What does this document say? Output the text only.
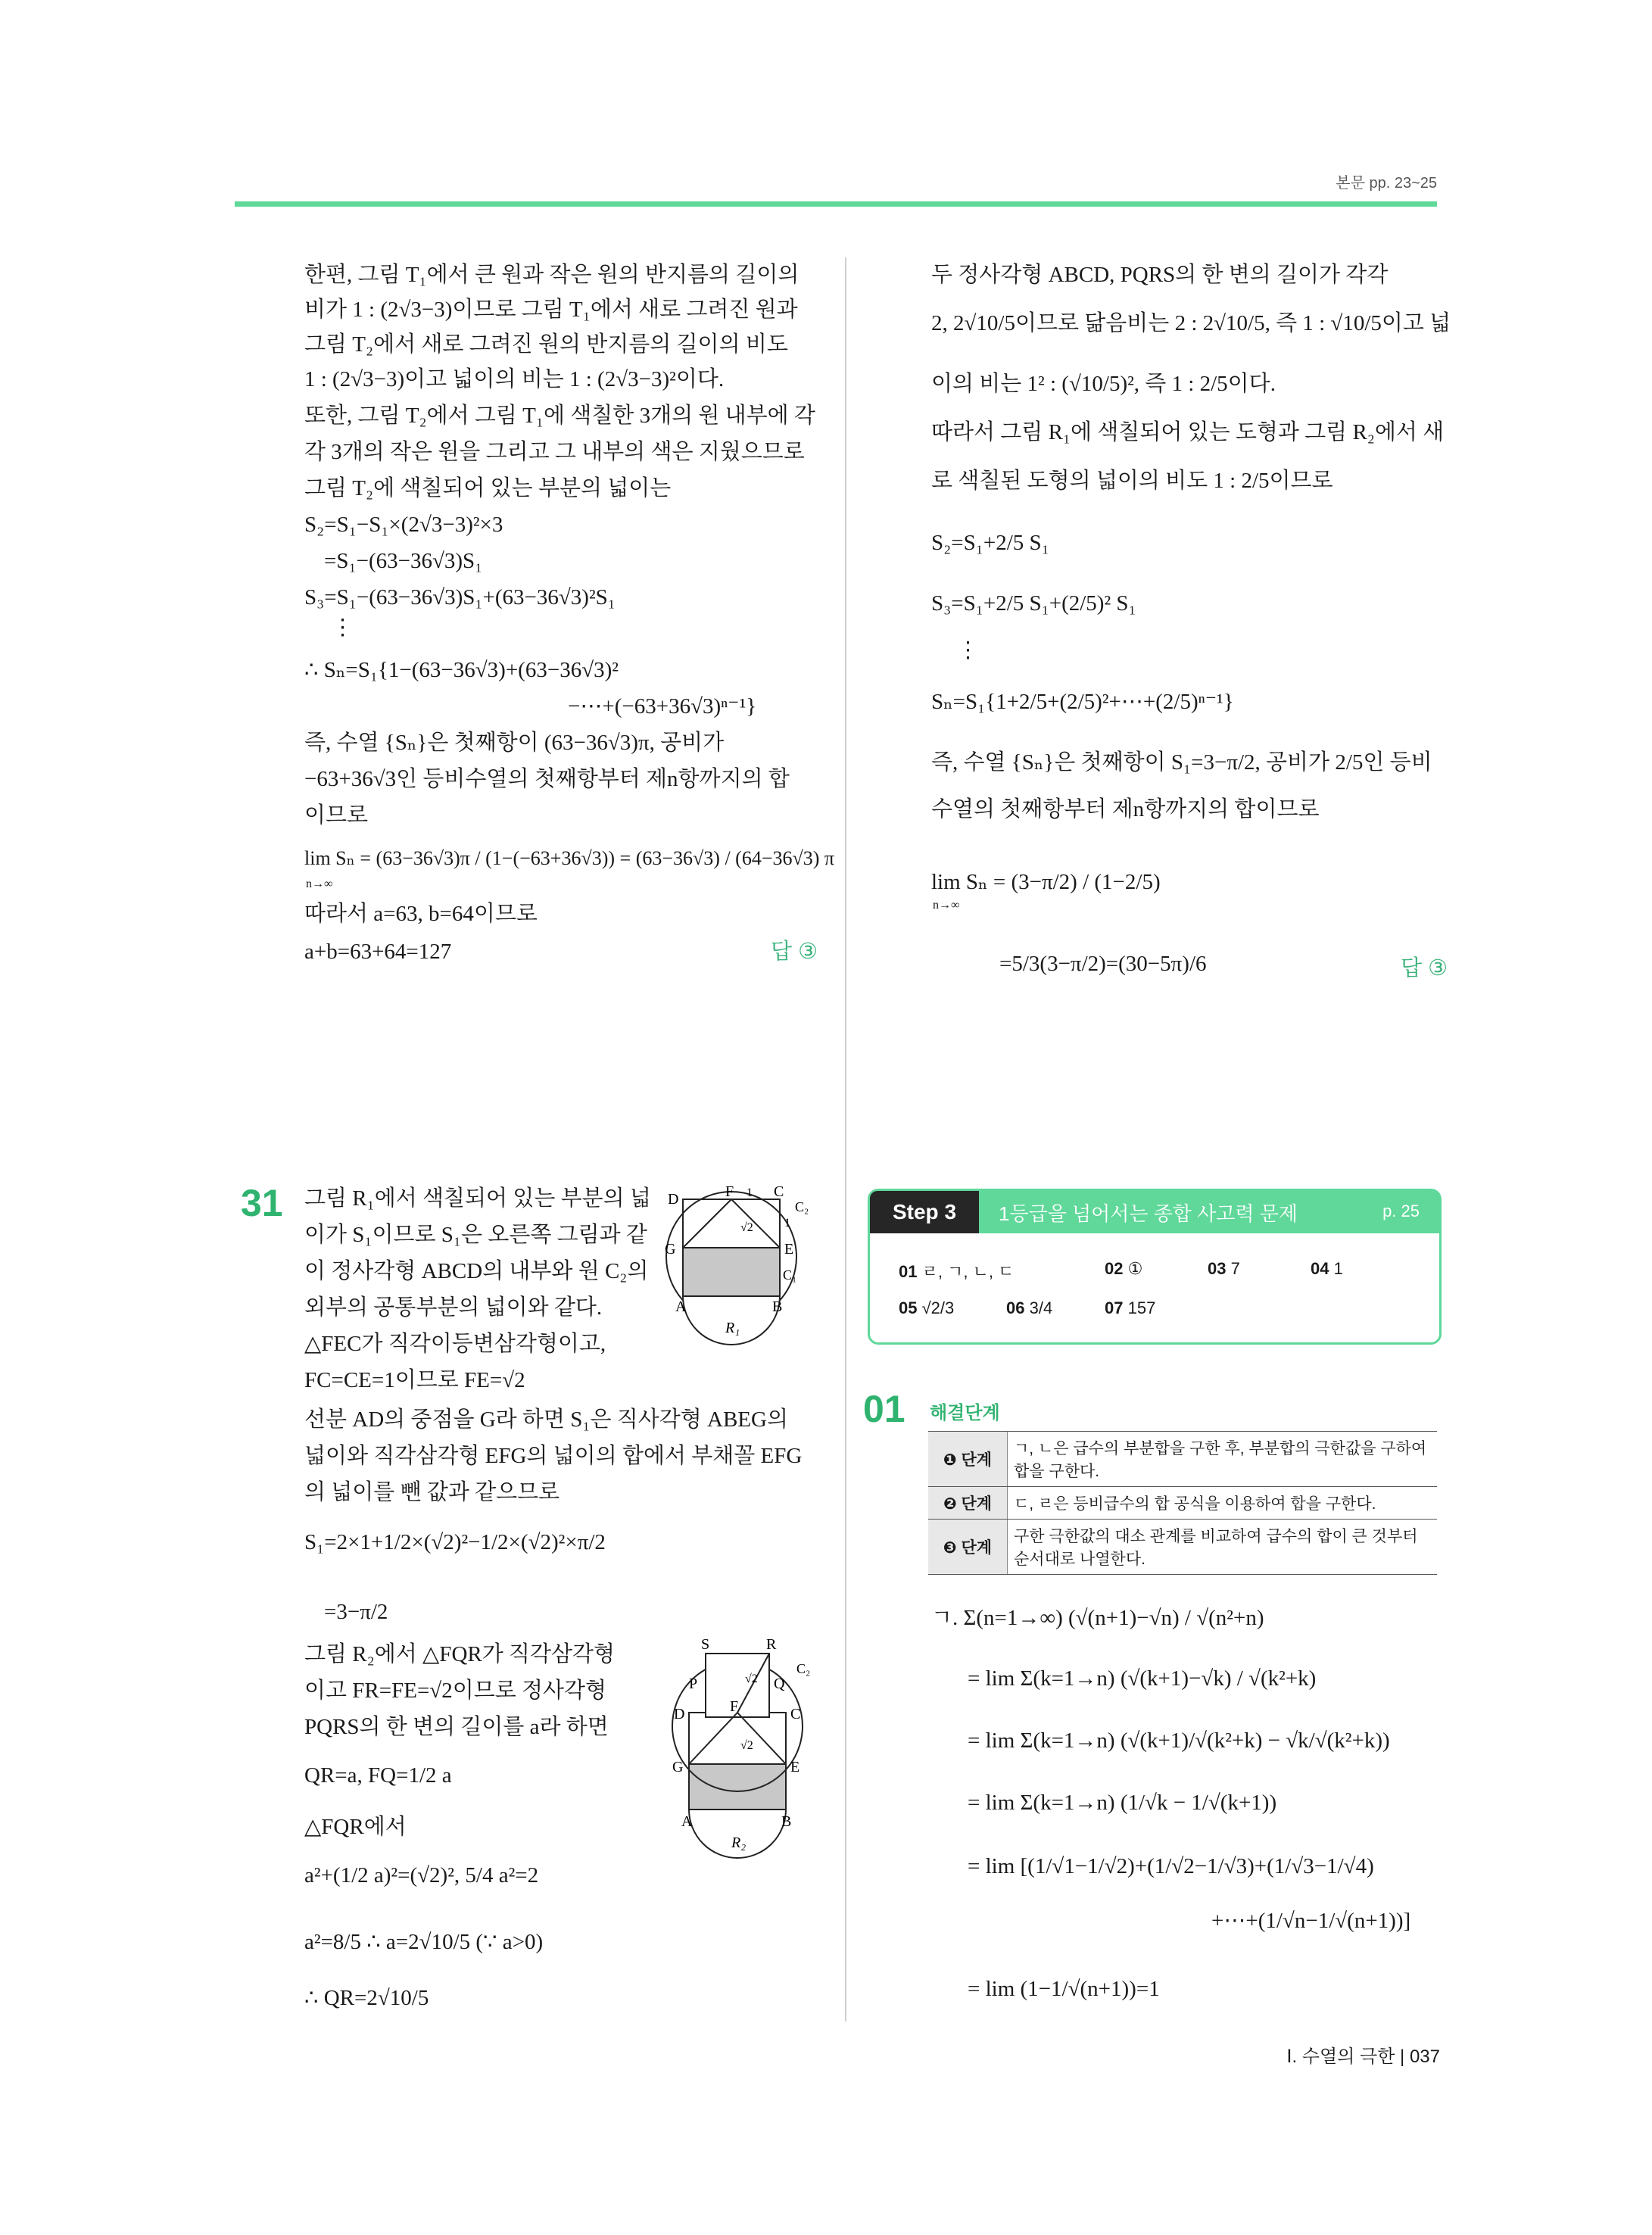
본문 pp. 23~25
한편, 그림 T₁에서 큰 원과 작은 원의 반지름의 길이의
비가 1 : (2√3−3)이므로 그림 T₁에서 새로 그려진 원과
그림 T₂에서 새로 그려진 원의 반지름의 길이의 비도
1 : (2√3−3)이고 넓이의 비는 1 : (2√3−3)²이다.
또한, 그림 T₂에서 그림 T₁에 색칠한 3개의 원 내부에 각
각 3개의 작은 원을 그리고 그 내부의 색은 지웠으므로
그림 T₂에 색칠되어 있는 부분의 넓이는
S₂=S₁−S₁×(2√3−3)²×3
=S₁−(63−36√3)S₁
S₃=S₁−(63−36√3)S₁+(63−36√3)²S₁
⋮
∴ Sₙ=S₁{1−(63−36√3)+(63−36√3)²
−⋯+(−63+36√3)ⁿ⁻¹}
즉, 수열 {Sₙ}은 첫째항이 (63−36√3)π, 공비가
−63+36√3인 등비수열의 첫째항부터 제n항까지의 합
이므로
lim Sₙ = (63−36√3)π / (1−(−63+36√3)) = (63−36√3) / (64−36√3) π
n→∞
따라서 a=63, b=64이므로
a+b=63+64=127	답 ③
두 정사각형 ABCD, PQRS의 한 변의 길이가 각각
2, 2√10/5이므로 닮음비는 2 : 2√10/5, 즉 1 : √10/5이고 넓
이의 비는 1² : (√10/5)², 즉 1 : 2/5이다.
따라서 그림 R₁에 색칠되어 있는 도형과 그림 R₂에서 새
로 색칠된 도형의 넓이의 비도 1 : 2/5이므로
S₂=S₁+2/5 S₁
S₃=S₁+2/5 S₁+(2/5)² S₁
⋮
Sₙ=S₁{1+2/5+(2/5)²+⋯+(2/5)ⁿ⁻¹}
즉, 수열 {Sₙ}은 첫째항이 S₁=3−π/2, 공비가 2/5인 등비
수열의 첫째항부터 제n항까지의 합이므로
lim Sₙ = (3−π/2) / (1−2/5)
n→∞
=5/3(3−π/2)=(30−5π)/6	답 ③
31 그림 R₁에서 색칠되어 있는 부분의 넓
이가 S₁이므로 S₁은 오른쪽 그림과 같
이 정사각형 ABCD의 내부와 원 C₂의
외부의 공통부분의 넓이와 같다.
△FEC가 직각이등변삼각형이고,
FC=CE=1이므로 FE=√2
선분 AD의 중점을 G라 하면 S₁은 직사각형 ABEG의
넓이와 직각삼각형 EFG의 넓이의 합에서 부채꼴 EFG
의 넓이를 뺀 값과 같으므로
S₁=2×1+1/2×(√2)²−1/2×(√2)²×π/2
=3−π/2
그림 R₂에서 △FQR가 직각삼각형
이고 FR=FE=√2이므로 정사각형
PQRS의 한 변의 길이를 a라 하면
QR=a, FQ=1/2 a
△FQR에서
a²+(1/2 a)²=(√2)², 5/4 a²=2
a²=8/5 ∴ a=2√10/5 (∵ a>0)
∴ QR=2√10/5
D	F 1 C
C₂
√2	1
G	E
C₁
A	B
R₁
S	R
C₂
P	√2 Q
D	F	C
√2
G	E
A	B
R₂
Step 3	1등급을 넘어서는 종합 사고력 문제	p. 25
01 ㄹ, ㄱ, ㄴ, ㄷ	02 ①	03 7	04 1
05 √2/3	06 3/4	07 157
01 해결단계
❶ 단계	ㄱ, ㄴ은 급수의 부분합을 구한 후, 부분합의 극한값을 구하여 합을 구한다.
❷ 단계	ㄷ, ㄹ은 등비급수의 합 공식을 이용하여 합을 구한다.
❸ 단계	구한 극한값의 대소 관계를 비교하여 급수의 합이 큰 것부터 순서대로 나열한다.
ㄱ. Σ(n=1→∞) (√(n+1)−√n) / √(n²+n)
= lim Σ(k=1→n) (√(k+1)−√k) / √(k²+k)
= lim Σ(k=1→n) (√(k+1)/√(k²+k) − √k/√(k²+k))
= lim Σ(k=1→n) (1/√k − 1/√(k+1))
= lim [(1/√1−1/√2)+(1/√2−1/√3)+(1/√3−1/√4)
+⋯+(1/√n−1/√(n+1))]
= lim (1−1/√(n+1))=1
Ⅰ. 수열의 극한 | 037
